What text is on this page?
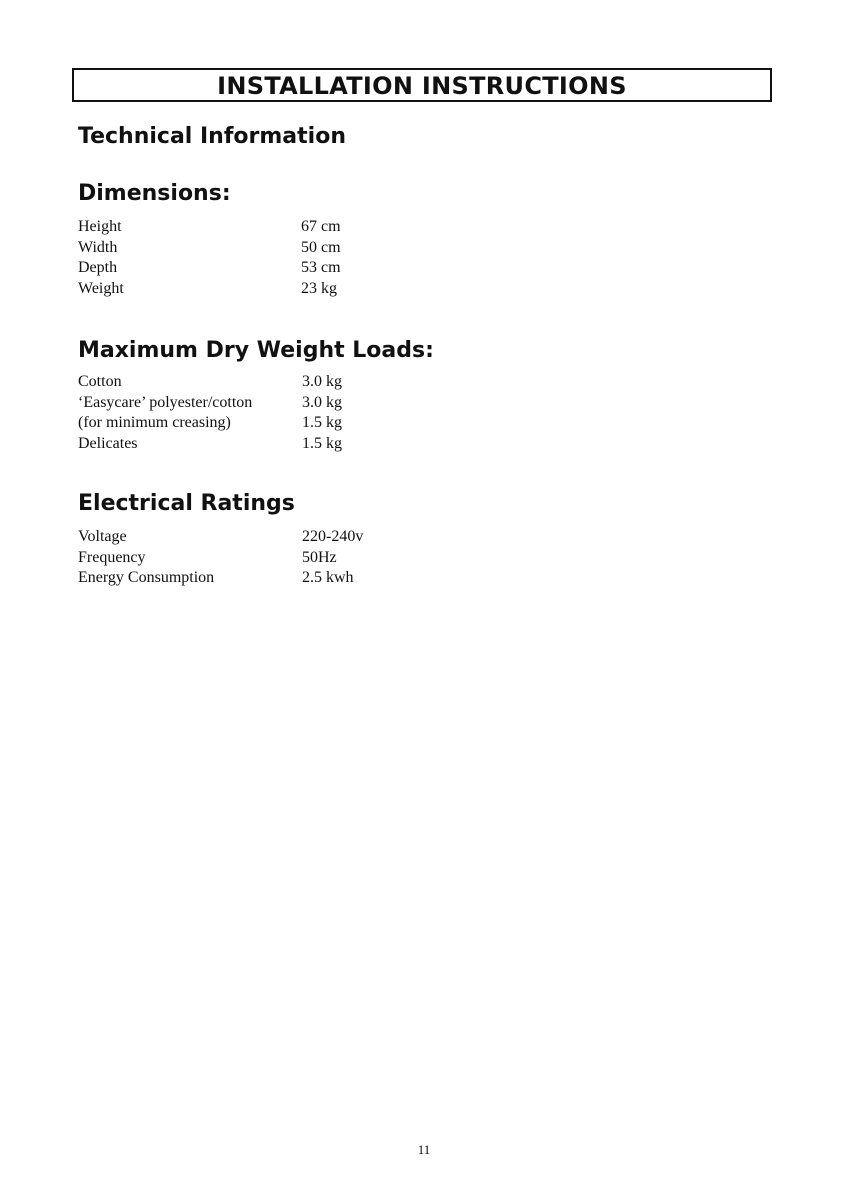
INSTALLATION INSTRUCTIONS
Technical Information
Dimensions:
Height	67 cm
Width	50 cm
Depth	53 cm
Weight	23 kg
Maximum Dry Weight Loads:
Cotton	3.0 kg
‘Easycare’ polyester/cotton	3.0 kg
(for minimum creasing)	1.5 kg
Delicates	1.5 kg
Electrical Ratings
Voltage	220-240v
Frequency	50Hz
Energy Consumption	2.5 kwh
11
